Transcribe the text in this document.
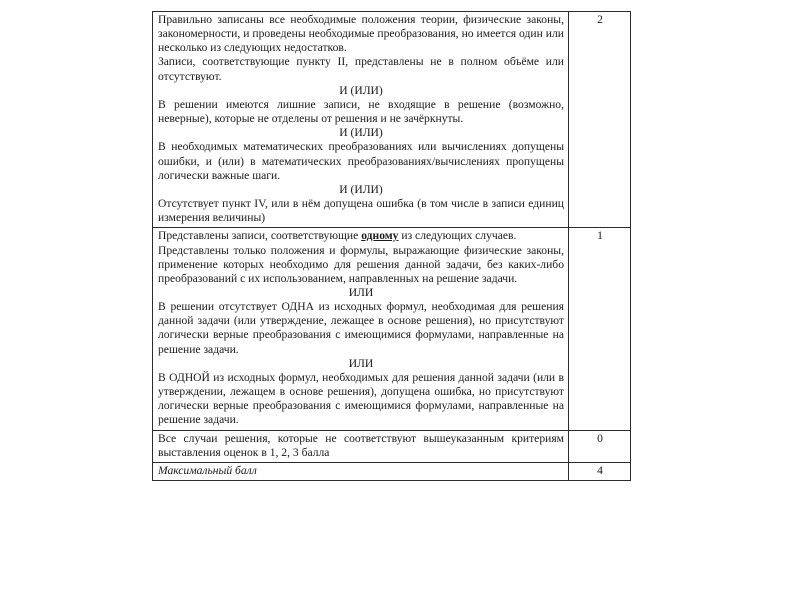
Правильно записаны все необходимые положения теории, физические законы, закономерности, и проведены необходимые преобразования, но имеется один или несколько из следующих недостатков.

Записи, соответствующие пункту II, представлены не в полном объёме или отсутствуют.

И (ИЛИ)

В решении имеются лишние записи, не входящие в решение (возможно, неверные), которые не отделены от решения и не зачёркнуты.

И (ИЛИ)

В необходимых математических преобразованиях или вычислениях допущены ошибки, и (или) в математических преобразованиях/вычислениях пропущены логически важные шаги.

И (ИЛИ)

Отсутствует пункт IV, или в нём допущена ошибка (в том числе в записи единиц измерения величины)

	2

Представлены записи, соответствующие одному из следующих случаев.

Представлены только положения и формулы, выражающие физические законы, применение которых необходимо для решения данной задачи, без каких-либо преобразований с их использованием, направленных на решение задачи.

ИЛИ

В решении отсутствует ОДНА из исходных формул, необходимая для решения данной задачи (или утверждение, лежащее в основе решения), но присутствуют логически верные преобразования с имеющимися формулами, направленные на решение задачи.

ИЛИ

В ОДНОЙ из исходных формул, необходимых для решения данной задачи (или в утверждении, лежащем в основе решения), допущена ошибка, но присутствуют логически верные преобразования с имеющимися формулами, направленные на решение задачи.

	1

Все случаи решения, которые не соответствуют вышеуказанным критериям выставления оценок в 1, 2, 3 балла	0
Максимальный балл	4
